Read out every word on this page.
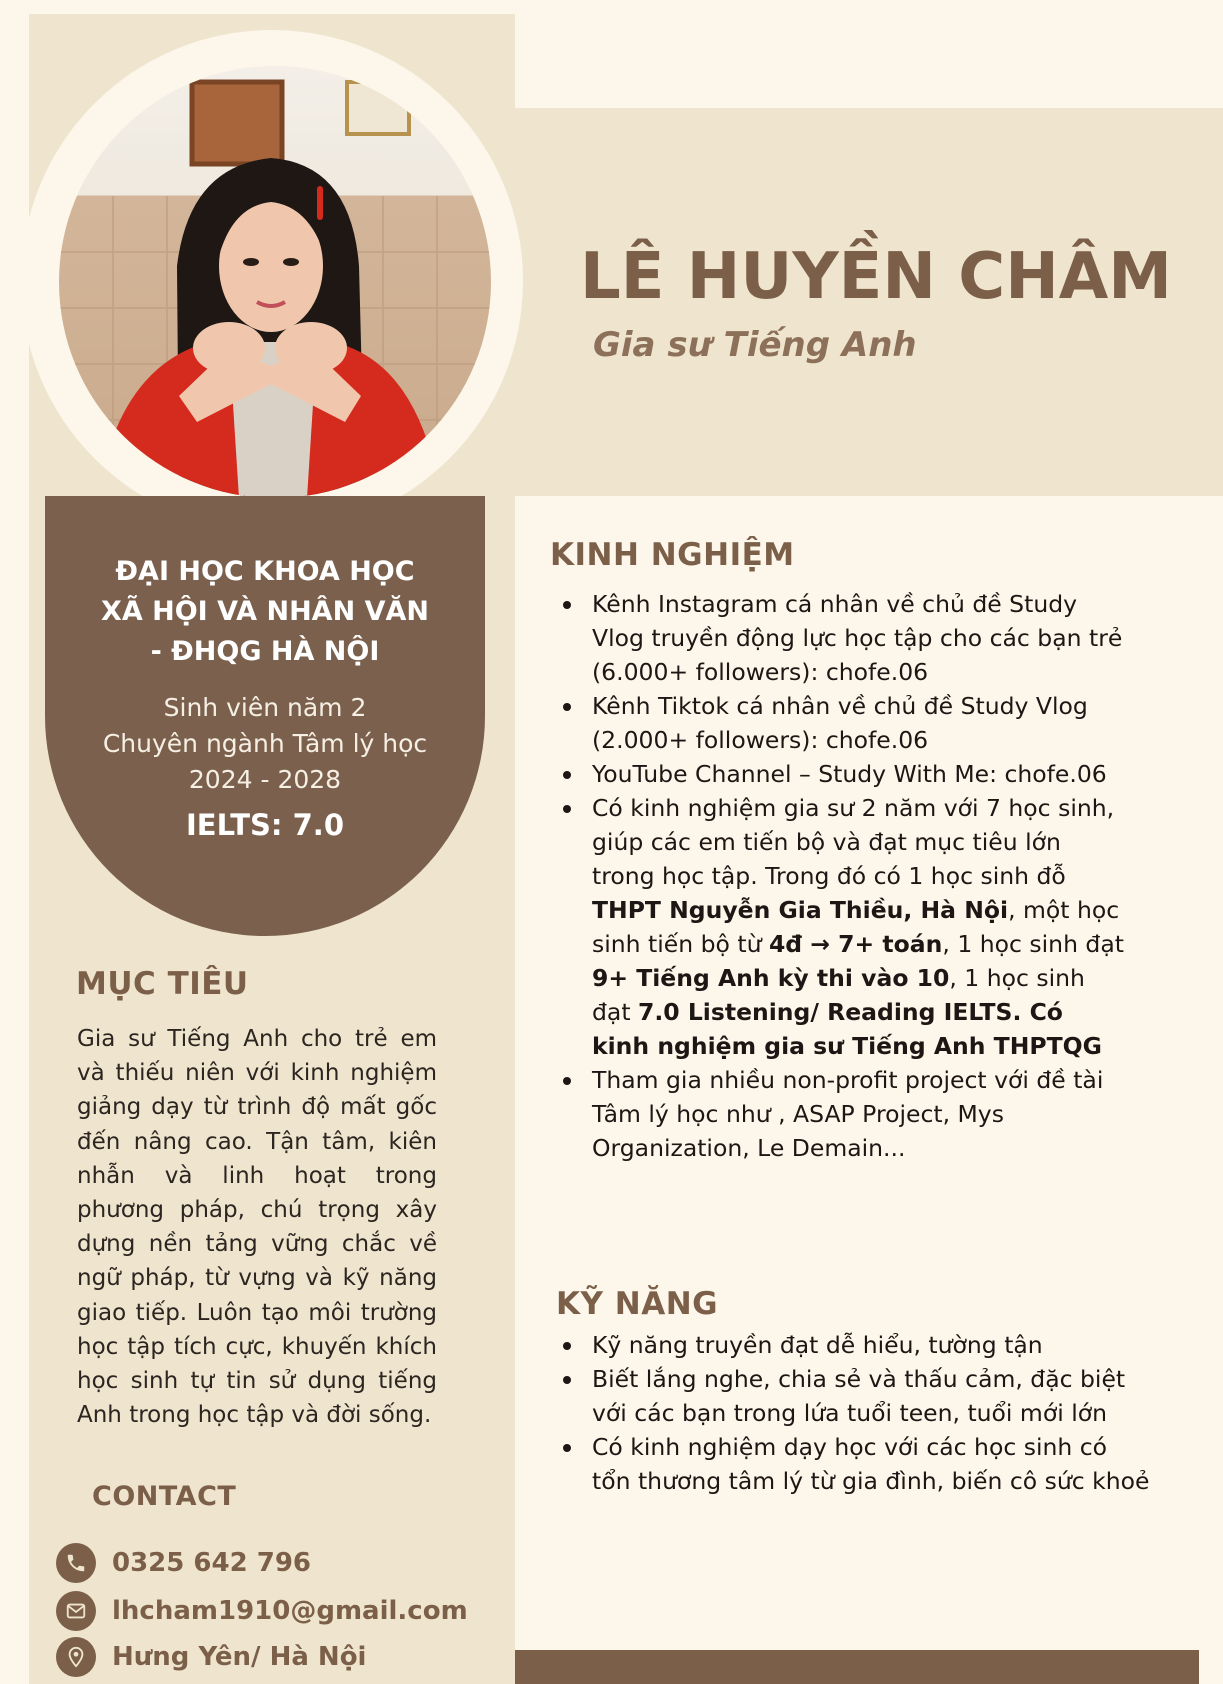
ĐẠI HỌC KHOA HỌC
XÃ HỘI VÀ NHÂN VĂN
- ĐHQG HÀ NỘI
Sinh viên năm 2
Chuyên ngành Tâm lý học
2024 - 2028
IELTS: 7.0
MỤC TIÊU
Gia sư Tiếng Anh cho trẻ em và thiếu niên với kinh nghiệm giảng dạy từ trình độ mất gốc đến nâng cao. Tận tâm, kiên nhẫn và linh hoạt trong phương pháp, chú trọng xây dựng nền tảng vững chắc về ngữ pháp, từ vựng và kỹ năng giao tiếp. Luôn tạo môi trường học tập tích cực, khuyến khích học sinh tự tin sử dụng tiếng Anh trong học tập và đời sống.
CONTACT
0325 642 796
lhcham1910@gmail.com
Hưng Yên/ Hà Nội
LÊ HUYỀN CHÂM
Gia sư Tiếng Anh
KINH NGHIỆM
Kênh Instagram cá nhân về chủ đề Study Vlog truyền động lực học tập cho các bạn trẻ (6.000+ followers): chofe.06
Kênh Tiktok cá nhân về chủ đề Study Vlog (2.000+ followers): chofe.06
YouTube Channel – Study With Me: chofe.06
Có kinh nghiệm gia sư 2 năm với 7 học sinh, giúp các em tiến bộ và đạt mục tiêu lớn trong học tập. Trong đó có 1 học sinh đỗ THPT Nguyễn Gia Thiều, Hà Nội, một học sinh tiến bộ từ 4đ → 7+ toán, 1 học sinh đạt 9+ Tiếng Anh kỳ thi vào 10, 1 học sinh đạt 7.0 Listening/ Reading IELTS. Có kinh nghiệm gia sư Tiếng Anh THPTQG
Tham gia nhiều non-profit project với đề tài Tâm lý học như , ASAP Project, Mys Organization, Le Demain...
KỸ NĂNG
Kỹ năng truyền đạt dễ hiểu, tường tận
Biết lắng nghe, chia sẻ và thấu cảm, đặc biệt với các bạn trong lứa tuổi teen, tuổi mới lớn
Có kinh nghiệm dạy học với các học sinh có tổn thương tâm lý từ gia đình, biến cô sức khoẻ
